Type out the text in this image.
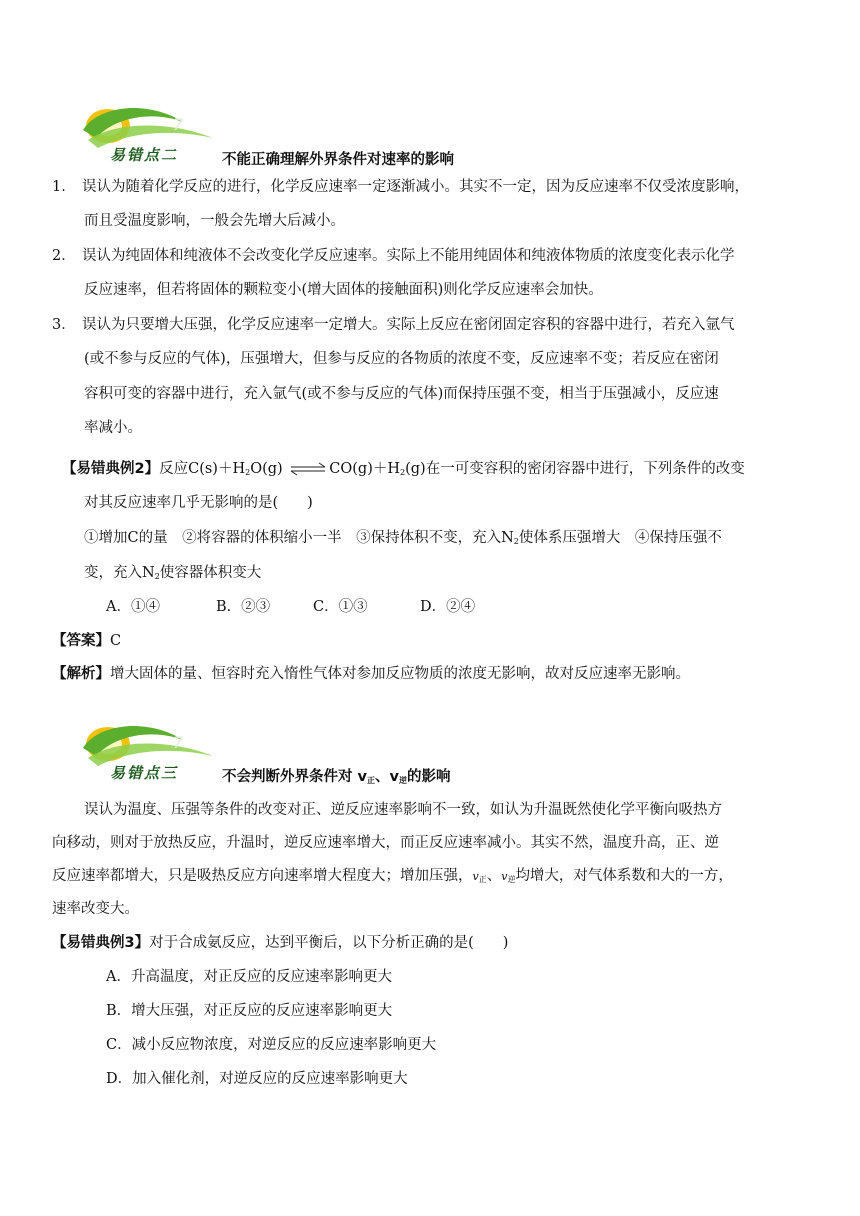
7
易错点二	不能正确理解外界条件对速率的影响
1． 误认为随着化学反应的进行，化学反应速率一定逐渐减小。其实不一定，因为反应速率不仅受浓度影响，
而且受温度影响，一般会先增大后减小。
2． 误认为纯固体和纯液体不会改变化学反应速率。实际上不能用纯固体和纯液体物质的浓度变化表示化学
反应速率，但若将固体的颗粒变小(增大固体的接触面积)则化学反应速率会加快。
3． 误认为只要增大压强，化学反应速率一定增大。实际上反应在密闭固定容积的容器中进行，若充入氩气
(或不参与反应的气体)，压强增大，但参与反应的各物质的浓度不变，反应速率不变；若反应在密闭
容积可变的容器中进行，充入氩气(或不参与反应的气体)而保持压强不变，相当于压强减小，反应速
率减小。
【易错典例2】反应$C(s)+H_2O(g)$ $\rightleftharpoons CO(g)+H_2(g)$在一可变容积的密闭容器中进行，下列条件的改变
对其反应速率几乎无影响的是(　　)
①增加C的量　②将容器的体积缩小一半　③保持体积不变，充入$N_2$使体系压强增大　④保持压强不
变，充入$N_2$使容器体积变大
A．①④	B．②③	C．①③	D．②④
【答案】C
【解析】增大固体的量、恒容时充入惰性气体对参加反应物质的浓度无影响，故对反应速率无影响。
7
易错点三	不会判断外界条件对 $v_正$、$v_逆$的影响
误认为温度、压强等条件的改变对正、逆反应速率影响不一致，如认为升温既然使化学平衡向吸热方
向移动，则对于放热反应，升温时，逆反应速率增大，而正反应速率减小。其实不然，温度升高，正、逆
反应速率都增大，只是吸热反应方向速率增大程度大；增加压强，$v_正$、$v_逆$均增大，对气体系数和大的一方，
速率改变大。
【易错典例3】对于合成氨反应，达到平衡后，以下分析正确的是(　　)
A．升高温度，对正反应的反应速率影响更大
B．增大压强，对正反应的反应速率影响更大
C．减小反应物浓度，对逆反应的反应速率影响更大
D．加入催化剂，对逆反应的反应速率影响更大
